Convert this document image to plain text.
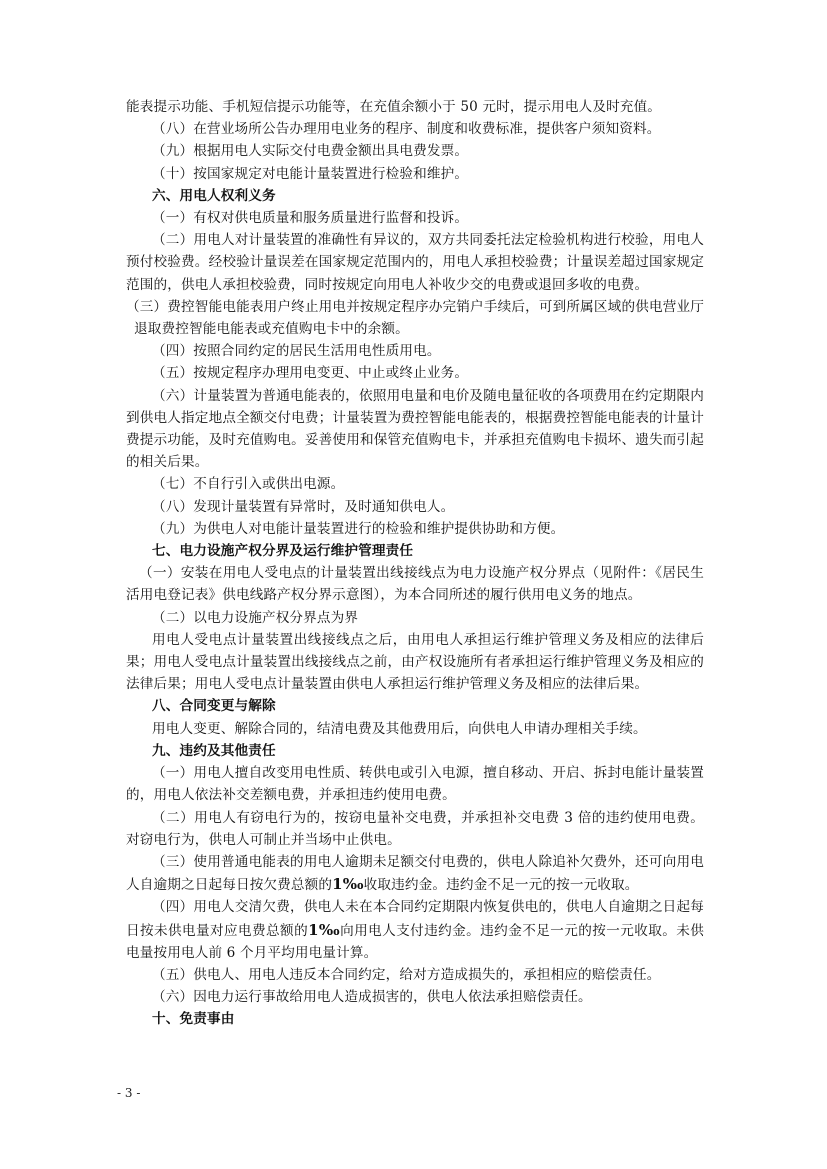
能表提示功能、手机短信提示功能等，在充值余额小于 50 元时，提示用电人及时充值。

（八）在营业场所公告办理用电业务的程序、制度和收费标准，提供客户须知资料。

（九）根据用电人实际交付电费金额出具电费发票。

（十）按国家规定对电能计量装置进行检验和维护。

六、用电人权利义务

（一）有权对供电质量和服务质量进行监督和投诉。

（二）用电人对计量装置的准确性有异议的，双方共同委托法定检验机构进行校验，用电人预付校验费。经校验计量误差在国家规定范围内的，用电人承担校验费；计量误差超过国家规定范围的，供电人承担校验费，同时按规定向用电人补收少交的电费或退回多收的电费。

（三）费控智能电能表用户终止用电并按规定程序办完销户手续后，可到所属区域的供电营业厅退取费控智能电能表或充值购电卡中的余额。

（四）按照合同约定的居民生活用电性质用电。

（五）按规定程序办理用电变更、中止或终止业务。

（六）计量装置为普通电能表的，依照用电量和电价及随电量征收的各项费用在约定期限内到供电人指定地点全额交付电费；计量装置为费控智能电能表的，根据费控智能电能表的计量计费提示功能，及时充值购电。妥善使用和保管充值购电卡，并承担充值购电卡损坏、遗失而引起的相关后果。

（七）不自行引入或供出电源。

（八）发现计量装置有异常时，及时通知供电人。

（九）为供电人对电能计量装置进行的检验和维护提供协助和方便。

七、电力设施产权分界及运行维护管理责任

（一）安装在用电人受电点的计量装置出线接线点为电力设施产权分界点（见附件：《居民生活用电登记表》供电线路产权分界示意图），为本合同所述的履行供用电义务的地点。

（二）以电力设施产权分界点为界

用电人受电点计量装置出线接线点之后，由用电人承担运行维护管理义务及相应的法律后果；用电人受电点计量装置出线接线点之前，由产权设施所有者承担运行维护管理义务及相应的法律后果；用电人受电点计量装置由供电人承担运行维护管理义务及相应的法律后果。

八、合同变更与解除

用电人变更、解除合同的，结清电费及其他费用后，向供电人申请办理相关手续。

九、违约及其他责任

（一）用电人擅自改变用电性质、转供电或引入电源，擅自移动、开启、拆封电能计量装置的，用电人依法补交差额电费，并承担违约使用电费。

（二）用电人有窃电行为的，按窃电量补交电费，并承担补交电费 3 倍的违约使用电费。对窃电行为，供电人可制止并当场中止供电。

（三）使用普通电能表的用电人逾期未足额交付电费的，供电人除追补欠费外，还可向用电人自逾期之日起每日按欠费总额的1‰收取违约金。违约金不足一元的按一元收取。

（四）用电人交清欠费，供电人未在本合同约定期限内恢复供电的，供电人自逾期之日起每日按未供电量对应电费总额的1‰向用电人支付违约金。违约金不足一元的按一元收取。未供电量按用电人前 6 个月平均用电量计算。

（五）供电人、用电人违反本合同约定，给对方造成损失的，承担相应的赔偿责任。

（六）因电力运行事故给用电人造成损害的，供电人依法承担赔偿责任。

十、免责事由

- 3 -
